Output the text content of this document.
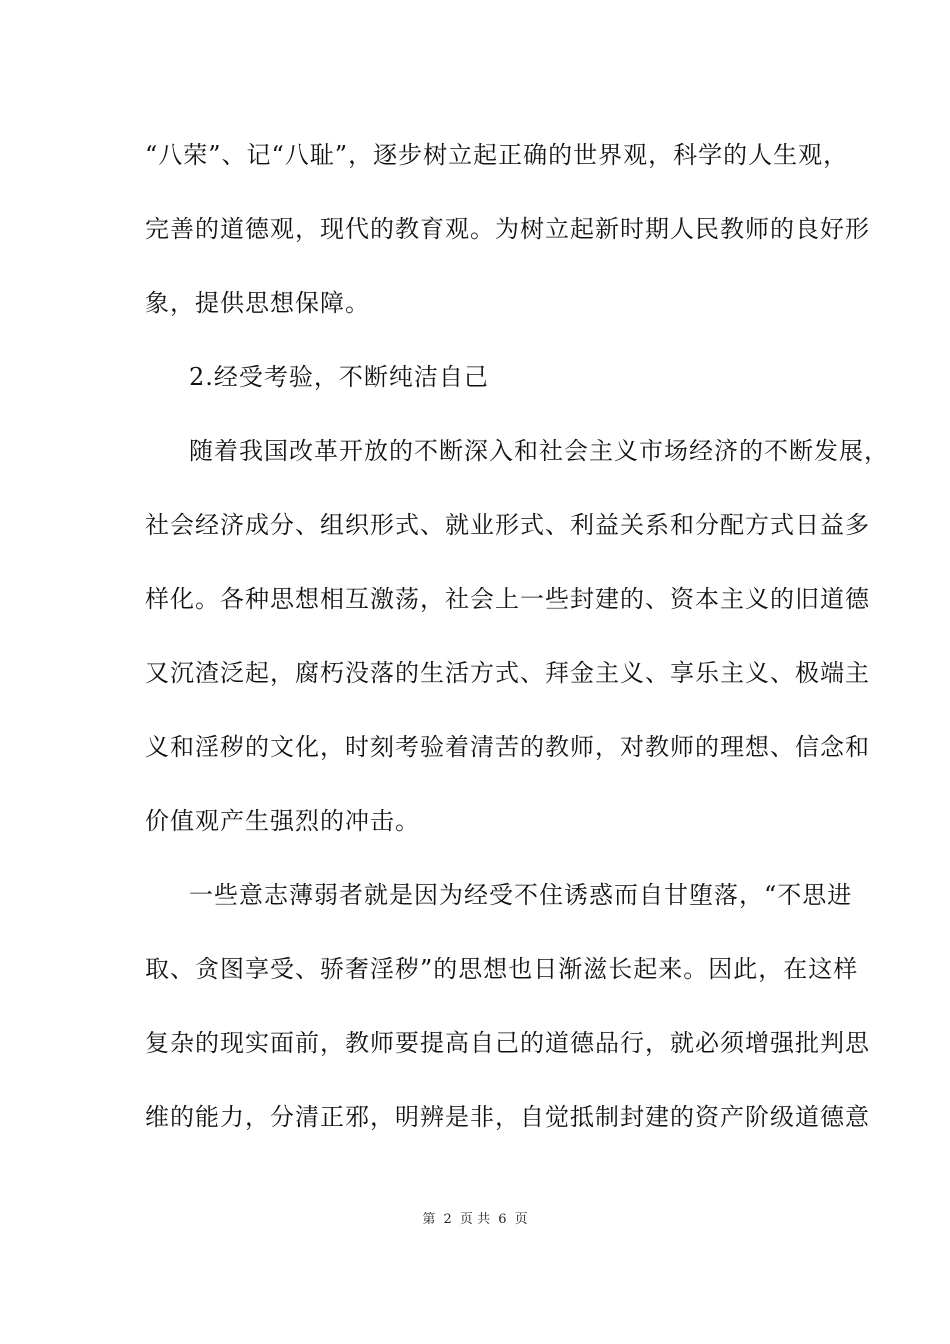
“八荣”、记“八耻”，逐步树立起正确的世界观，科学的人生观，
完善的道德观，现代的教育观。为树立起新时期人民教师的良好形
象，提供思想保障。
2.经受考验，不断纯洁自己
随着我国改革开放的不断深入和社会主义市场经济的不断发展，
社会经济成分、组织形式、就业形式、利益关系和分配方式日益多
样化。各种思想相互激荡，社会上一些封建的、资本主义的旧道德
又沉渣泛起，腐朽没落的生活方式、拜金主义、享乐主义、极端主
义和淫秽的文化，时刻考验着清苦的教师，对教师的理想、信念和
价值观产生强烈的冲击。
一些意志薄弱者就是因为经受不住诱惑而自甘堕落，“不思进
取、贪图享受、骄奢淫秽”的思想也日渐滋长起来。因此，在这样
复杂的现实面前，教师要提高自己的道德品行，就必须增强批判思
维的能力，分清正邪，明辨是非，自觉抵制封建的资产阶级道德意
第 2 页 共 6 页
